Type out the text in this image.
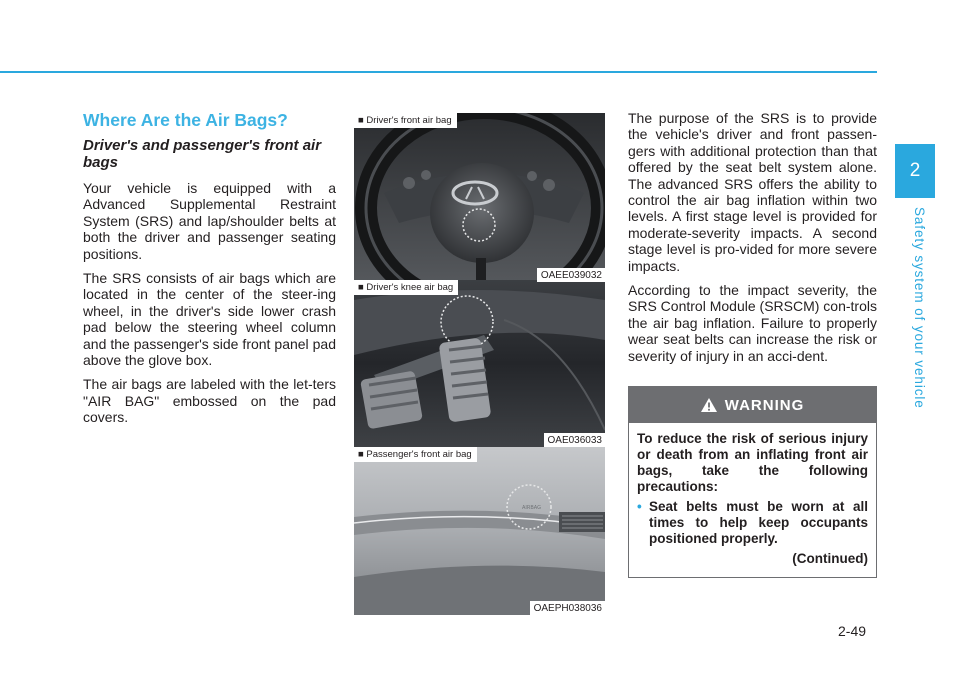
2
Safety system of your vehicle
Where Are the Air Bags?
Driver's and passenger's front air bags

Your vehicle is equipped with a Advanced Supplemental Restraint System (SRS) and lap/shoulder belts at both the driver and passenger seating positions.

The SRS consists of air bags which are located in the center of the steer-ing wheel, in the driver's side lower crash pad below the steering wheel column and the passenger's side front panel pad above the glove box.

The air bags are labeled with the let-ters "AIR BAG" embossed on the pad covers.

■ Driver's front air bag
OAEE039032
■ Driver's knee air bag
OAE036033
AIRBAG
■ Passenger's front air bag
OAEPH038036

The purpose of the SRS is to provide the vehicle's driver and front passen-gers with additional protection than that offered by the seat belt system alone. The advanced SRS offers the ability to control the air bag inflation within two levels. A first stage level is provided for moderate-severity impacts. A second stage level is pro-vided for more severe impacts.

According to the impact severity, the SRS Control Module (SRSCM) con-trols the air bag inflation. Failure to properly wear seat belts can increase the risk or severity of injury in an acci-dent.

WARNING

To reduce the risk of serious injury or death from an inflating front air bags, take the following precautions:

• Seat belts must be worn at all times to help keep occupants positioned properly.

(Continued)

2-49
